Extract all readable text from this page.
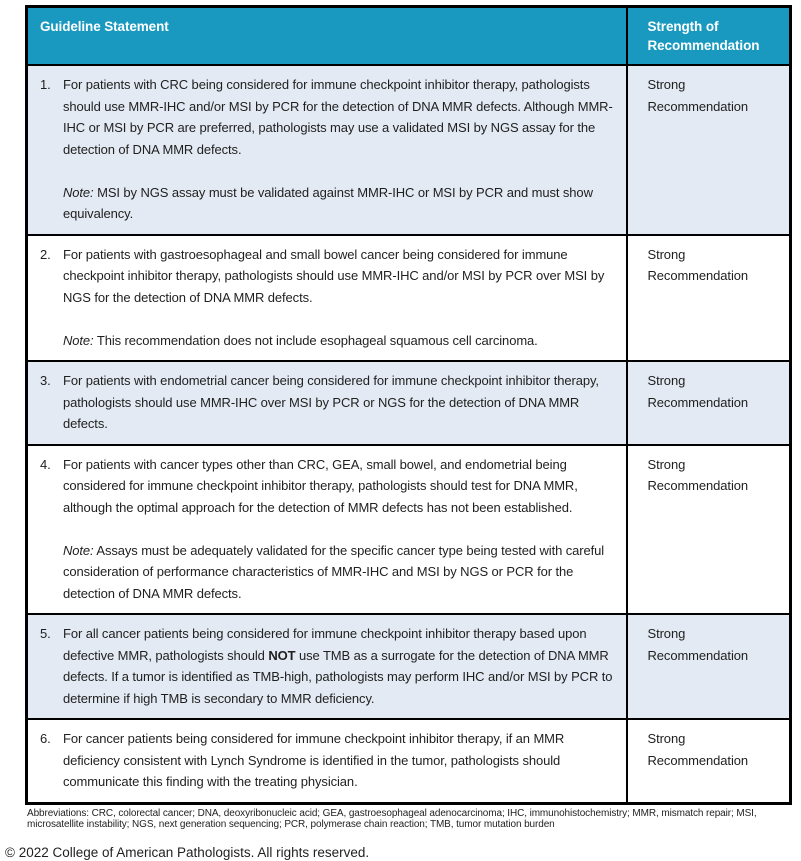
Guideline Statement	Strength of Recommendation

1. For patients with CRC being considered for immune checkpoint inhibitor therapy, pathologists should use MMR-IHC and/or MSI by PCR for the detection of DNA MMR defects. Although MMR-IHC or MSI by PCR are preferred, pathologists may use a validated MSI by NGS assay for the detection of DNA MMR defects.

Note: MSI by NGS assay must be validated against MMR-IHC or MSI by PCR and must show equivalency.	Strong Recommendation

2. For patients with gastroesophageal and small bowel cancer being considered for immune checkpoint inhibitor therapy, pathologists should use MMR-IHC and/or MSI by PCR over MSI by NGS for the detection of DNA MMR defects.

Note: This recommendation does not include esophageal squamous cell carcinoma.	Strong Recommendation

3. For patients with endometrial cancer being considered for immune checkpoint inhibitor therapy, pathologists should use MMR-IHC over MSI by PCR or NGS for the detection of DNA MMR defects.	Strong Recommendation

4. For patients with cancer types other than CRC, GEA, small bowel, and endometrial being considered for immune checkpoint inhibitor therapy, pathologists should test for DNA MMR, although the optimal approach for the detection of MMR defects has not been established.

Note: Assays must be adequately validated for the specific cancer type being tested with careful consideration of performance characteristics of MMR-IHC and MSI by NGS or PCR for the detection of DNA MMR defects.	Strong Recommendation

5. For all cancer patients being considered for immune checkpoint inhibitor therapy based upon defective MMR, pathologists should NOT use TMB as a surrogate for the detection of DNA MMR defects. If a tumor is identified as TMB-high, pathologists may perform IHC and/or MSI by PCR to determine if high TMB is secondary to MMR deficiency.	Strong Recommendation

6. For cancer patients being considered for immune checkpoint inhibitor therapy, if an MMR deficiency consistent with Lynch Syndrome is identified in the tumor, pathologists should communicate this finding with the treating physician.	Strong Recommendation
Abbreviations: CRC, colorectal cancer; DNA, deoxyribonucleic acid; GEA, gastroesophageal adenocarcinoma; IHC, immunohistochemistry; MMR, mismatch repair; MSI, microsatellite instability; NGS, next generation sequencing; PCR, polymerase chain reaction; TMB, tumor mutation burden
© 2022 College of American Pathologists. All rights reserved.
